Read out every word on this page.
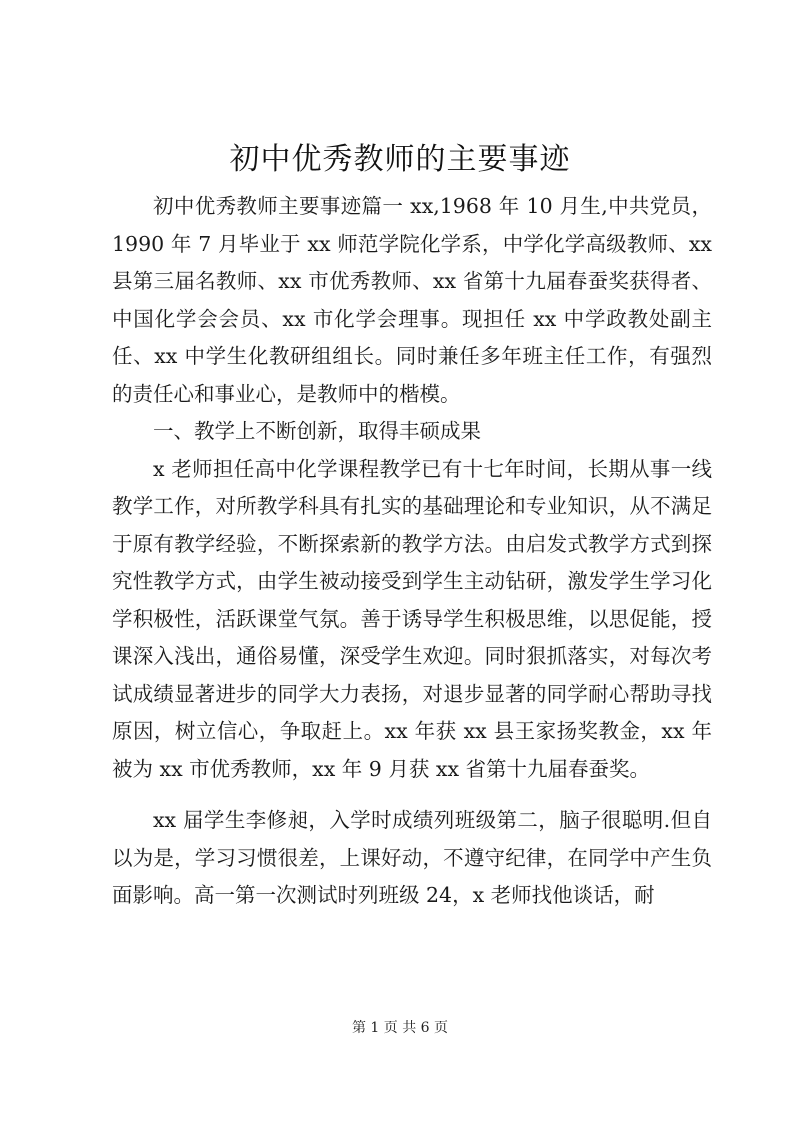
初中优秀教师的主要事迹

初中优秀教师主要事迹篇一 xx,1968 年 10 月生,中共党员，1990 年 7 月毕业于 xx 师范学院化学系，中学化学高级教师、xx 县第三届名教师、xx 市优秀教师、xx 省第十九届春蚕奖获得者、中国化学会会员、xx 市化学会理事。现担任 xx 中学政教处副主任、xx 中学生化教研组组长。同时兼任多年班主任工作，有强烈的责任心和事业心，是教师中的楷模。

一、教学上不断创新，取得丰硕成果

x 老师担任高中化学课程教学已有十七年时间，长期从事一线教学工作，对所教学科具有扎实的基础理论和专业知识，从不满足于原有教学经验，不断探索新的教学方法。由启发式教学方式到探究性教学方式，由学生被动接受到学生主动钻研，激发学生学习化学积极性，活跃课堂气氛。善于诱导学生积极思维，以思促能，授课深入浅出，通俗易懂，深受学生欢迎。同时狠抓落实，对每次考试成绩显著进步的同学大力表扬，对退步显著的同学耐心帮助寻找原因，树立信心，争取赶上。xx 年获 xx 县王家扬奖教金，xx 年被为 xx 市优秀教师，xx 年 9 月获 xx 省第十九届春蚕奖。

xx 届学生李修昶，入学时成绩列班级第二，脑子很聪明.但自以为是，学习习惯很差，上课好动，不遵守纪律，在同学中产生负面影响。高一第一次测试时列班级 24，x 老师找他谈话，耐

第 1 页 共 6 页
